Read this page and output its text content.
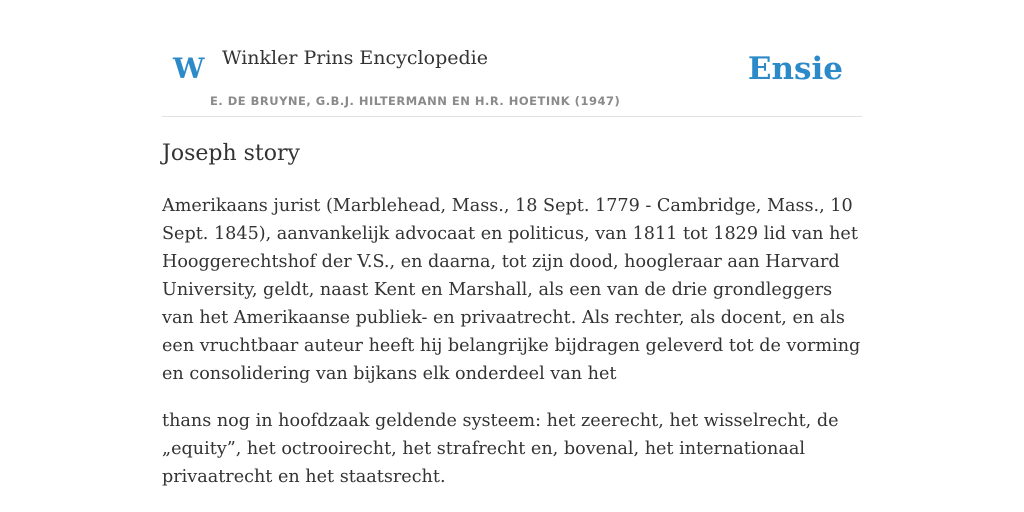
W Winkler Prins Encyclopedie
E. DE BRUYNE, G.B.J. HILTERMANN EN H.R. HOETINK (1947)
Ensie
Joseph story

Amerikaans jurist (Marblehead, Mass., 18 Sept. 1779 - Cambridge, Mass., 10 Sept. 1845), aanvankelijk advocaat en politicus, van 1811 tot 1829 lid van het Hooggerechtshof der V.S., en daarna, tot zijn dood, hoogleraar aan Harvard University, geldt, naast Kent en Marshall, als een van de drie grondleggers van het Amerikaanse publiek- en privaatrecht. Als rechter, als docent, en als een vruchtbaar auteur heeft hij belangrijke bijdragen geleverd tot de vorming en consolidering van bijkans elk onderdeel van het

thans nog in hoofdzaak geldende systeem: het zeerecht, het wisselrecht, de „equity”, het octrooirecht, het strafrecht en, bovenal, het internationaal privaatrecht en het staatsrecht.
